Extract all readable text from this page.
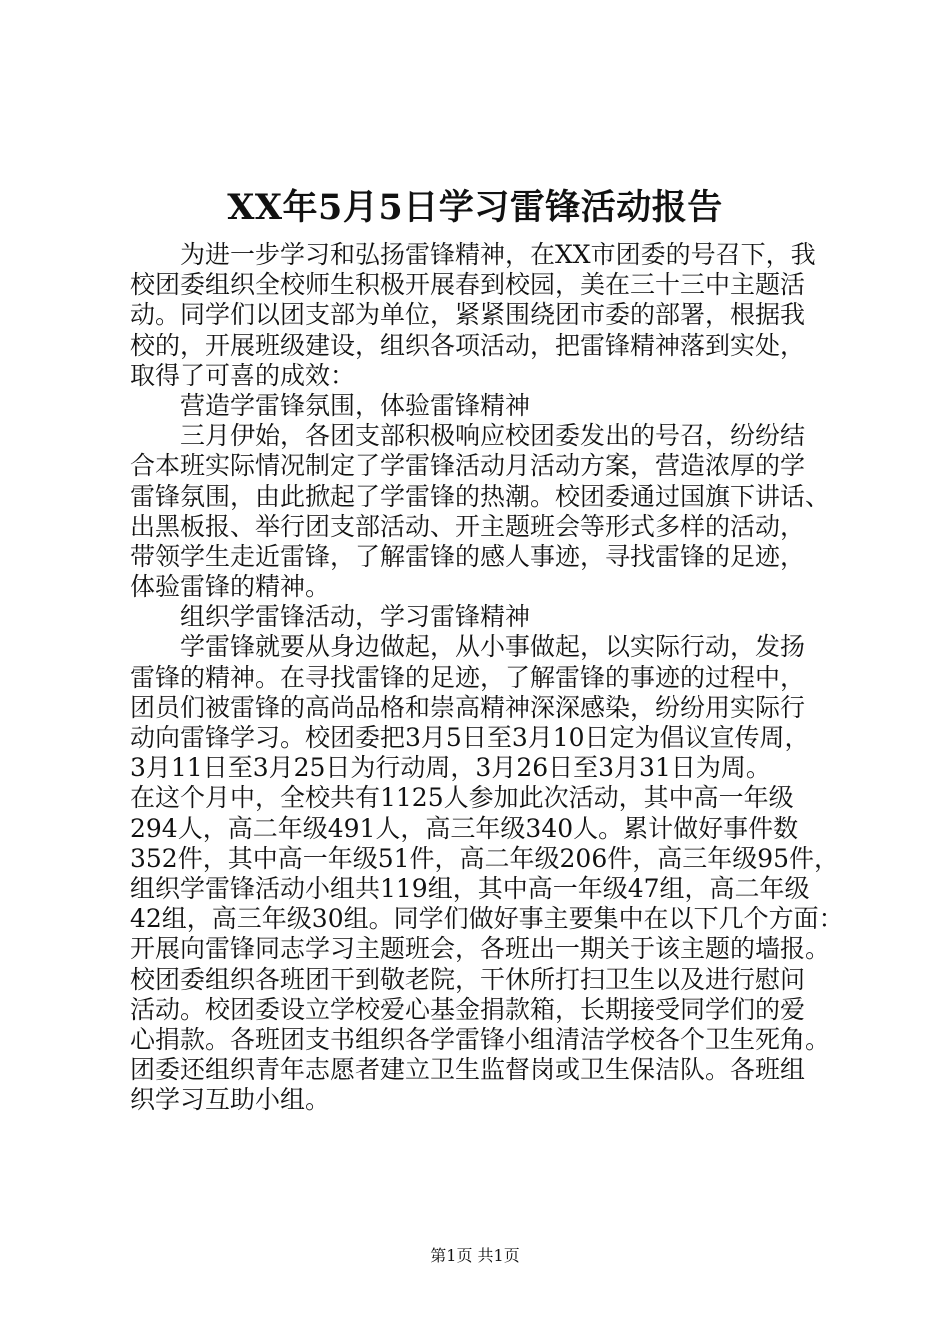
XX年5月5日学习雷锋活动报告
为进一步学习和弘扬雷锋精神，在XX市团委的号召下，我
校团委组织全校师生积极开展春到校园，美在三十三中主题活
动。同学们以团支部为单位，紧紧围绕团市委的部署，根据我
校的，开展班级建设，组织各项活动，把雷锋精神落到实处，
取得了可喜的成效：
营造学雷锋氛围，体验雷锋精神
三月伊始，各团支部积极响应校团委发出的号召，纷纷结
合本班实际情况制定了学雷锋活动月活动方案，营造浓厚的学
雷锋氛围，由此掀起了学雷锋的热潮。校团委通过国旗下讲话、
出黑板报、举行团支部活动、开主题班会等形式多样的活动，
带领学生走近雷锋，了解雷锋的感人事迹，寻找雷锋的足迹，
体验雷锋的精神。
组织学雷锋活动，学习雷锋精神
学雷锋就要从身边做起，从小事做起，以实际行动，发扬
雷锋的精神。在寻找雷锋的足迹，了解雷锋的事迹的过程中，
团员们被雷锋的高尚品格和崇高精神深深感染，纷纷用实际行
动向雷锋学习。校团委把3月5日至3月10日定为倡议宣传周，
3月11日至3月25日为行动周，3月26日至3月31日为周。
在这个月中，全校共有1125人参加此次活动，其中高一年级
294人，高二年级491人，高三年级340人。累计做好事件数
352件，其中高一年级51件，高二年级206件，高三年级95件，
组织学雷锋活动小组共119组，其中高一年级47组，高二年级
42组，高三年级30组。同学们做好事主要集中在以下几个方面：
开展向雷锋同志学习主题班会，各班出一期关于该主题的墙报。
校团委组织各班团干到敬老院，干休所打扫卫生以及进行慰问
活动。校团委设立学校爱心基金捐款箱，长期接受同学们的爱
心捐款。各班团支书组织各学雷锋小组清洁学校各个卫生死角。
团委还组织青年志愿者建立卫生监督岗或卫生保洁队。各班组
织学习互助小组。
第1页 共1页
